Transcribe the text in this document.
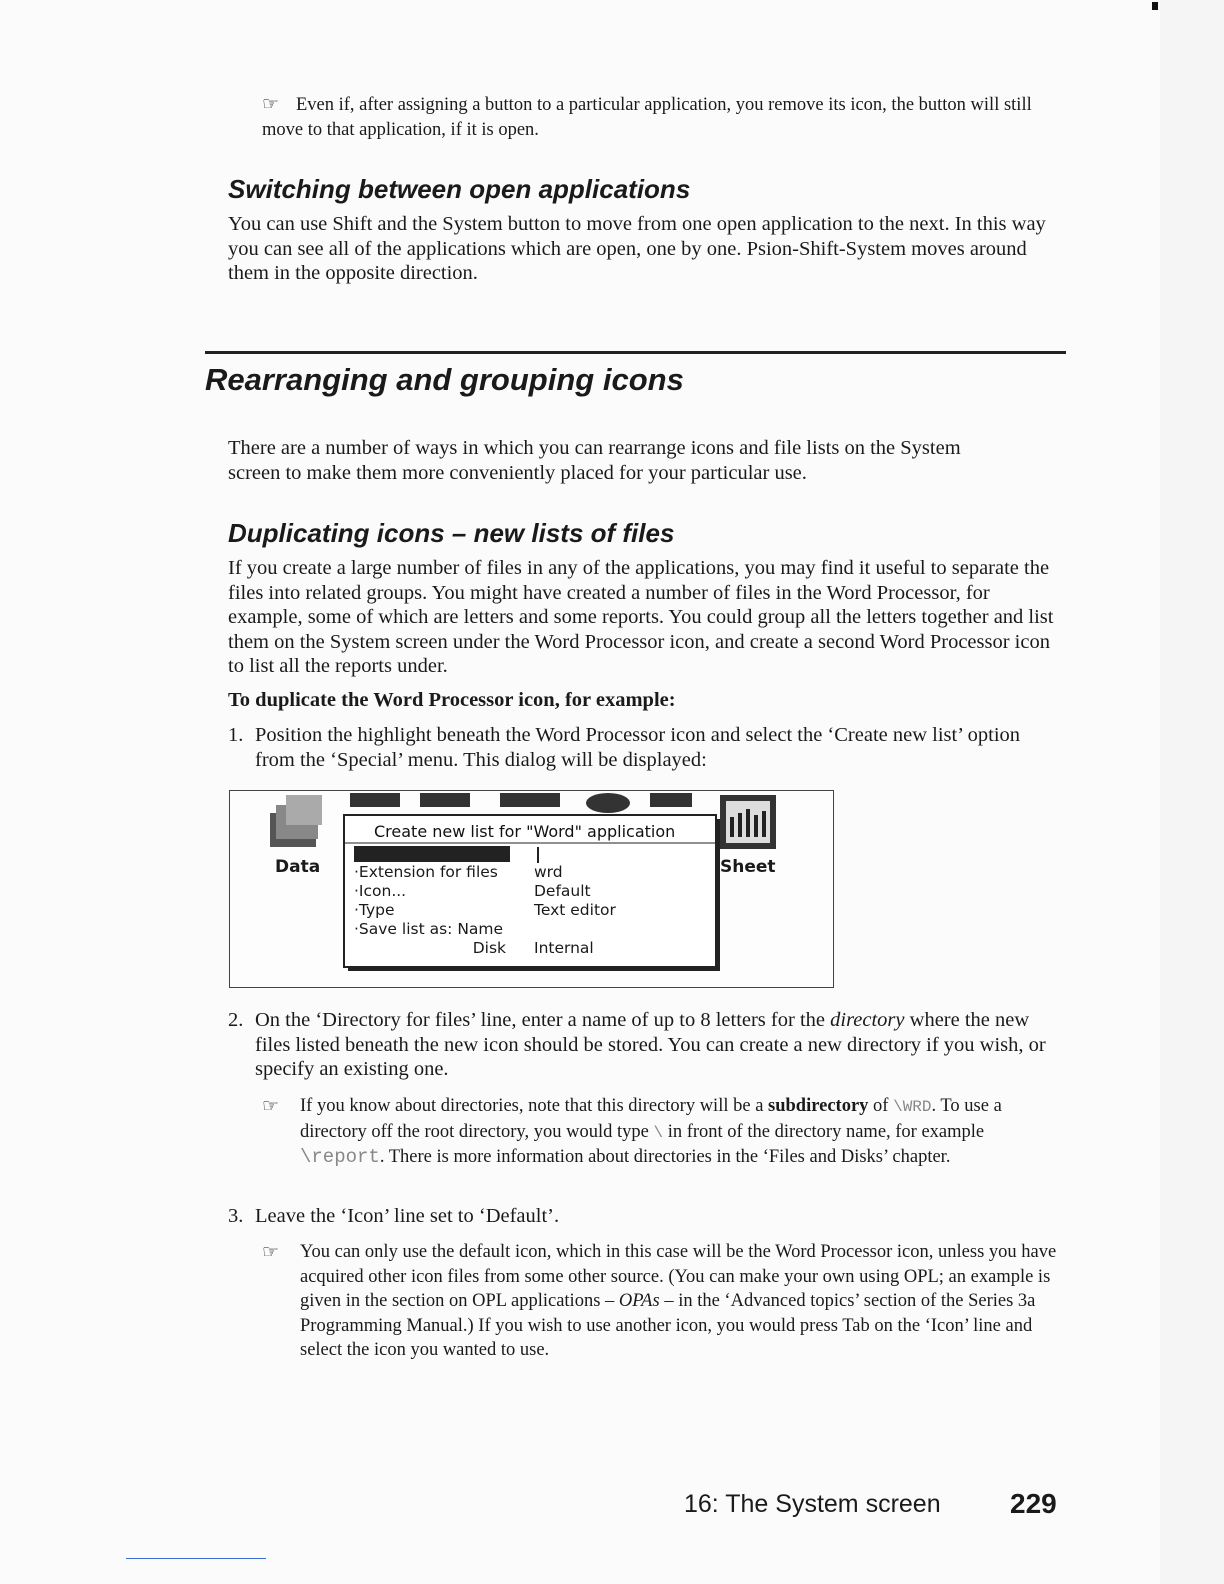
☞ Even if, after assigning a button to a particular application, you remove its icon, the button will still move to that application, if it is open.
Switching between open applications
You can use Shift and the System button to move from one open application to the next. In this way you can see all of the applications which are open, one by one. Psion-Shift-System moves around them in the opposite direction.
Rearranging and grouping icons
There are a number of ways in which you can rearrange icons and file lists on the System screen to make them more conveniently placed for your particular use.
Duplicating icons – new lists of files
If you create a large number of files in any of the applications, you may find it useful to separate the files into related groups. You might have created a number of files in the Word Processor, for example, some of which are letters and some reports. You could group all the letters together and list them on the System screen under the Word Processor icon, and create a second Word Processor icon to list all the reports under.
To duplicate the Word Processor icon, for example:
1. Position the highlight beneath the Word Processor icon and select the ‘Create new list’ option from the ‘Special’ menu. This dialog will be displayed:
Data	Sheet
Create new list for "Word" application
·Extension for files	wrd
·Icon...	Default
·Type	Text editor
·Save list as: Name
Disk	Internal
2. On the ‘Directory for files’ line, enter a name of up to 8 letters for the directory where the new files listed beneath the new icon should be stored. You can create a new directory if you wish, or specify an existing one.
☞	If you know about directories, note that this directory will be a subdirectory of \WRD. To use a directory off the root directory, you would type \ in front of the directory name, for example \report. There is more information about directories in the ‘Files and Disks’ chapter.
3. Leave the ‘Icon’ line set to ‘Default’.
☞	You can only use the default icon, which in this case will be the Word Processor icon, unless you have acquired other icon files from some other source. (You can make your own using OPL; an example is given in the section on OPL applications – OPAs – in the ‘Advanced topics’ section of the Series 3a Programming Manual.) If you wish to use another icon, you would press Tab on the ‘Icon’ line and select the icon you wanted to use.
16: The System screen 229
